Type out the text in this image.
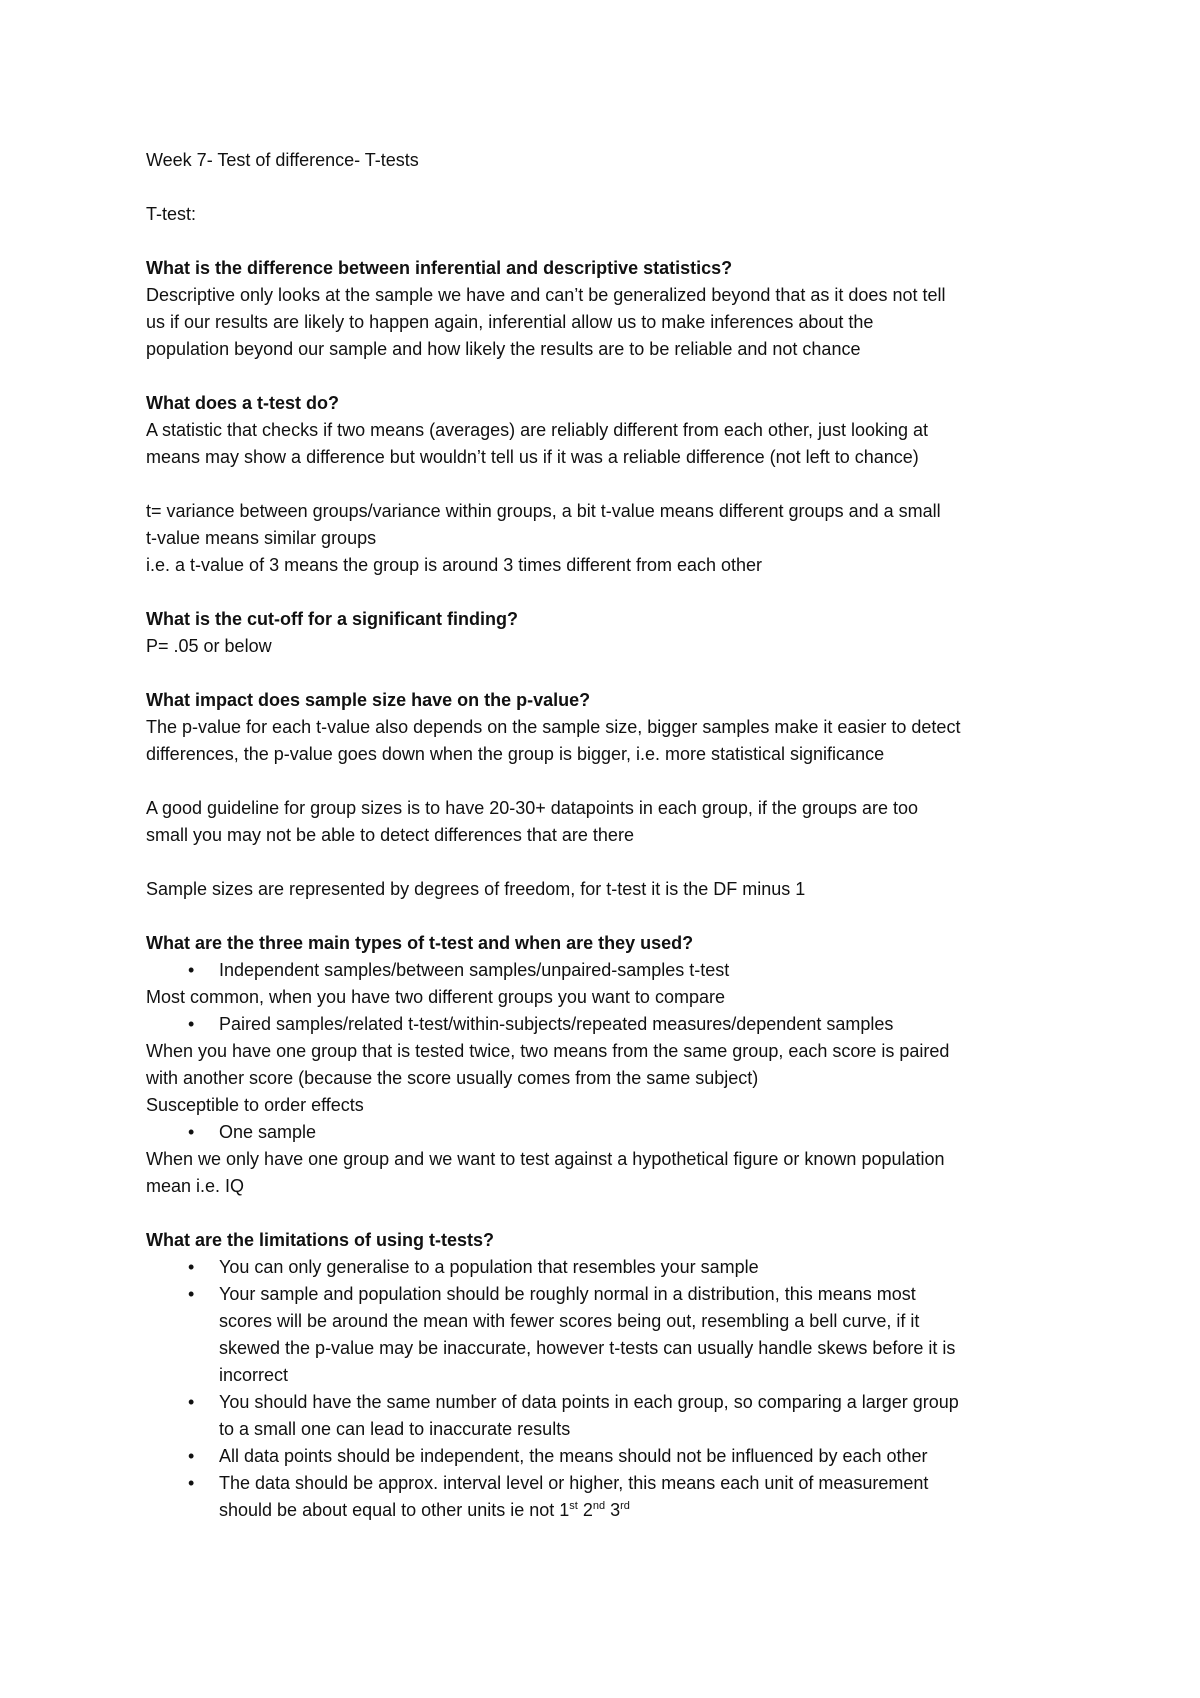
Week 7- Test of difference- T-tests

T-test:

What is the difference between inferential and descriptive statistics?

Descriptive only looks at the sample we have and can’t be generalized beyond that as it does not tell

us if our results are likely to happen again, inferential allow us to make inferences about the

population beyond our sample and how likely the results are to be reliable and not chance

What does a t-test do?

A statistic that checks if two means (averages) are reliably different from each other, just looking at

means may show a difference but wouldn’t tell us if it was a reliable difference (not left to chance)

t= variance between groups/variance within groups, a bit t-value means different groups and a small

t-value means similar groups

i.e. a t-value of 3 means the group is around 3 times different from each other

What is the cut-off for a significant finding?

P= .05 or below

What impact does sample size have on the p-value?

The p-value for each t-value also depends on the sample size, bigger samples make it easier to detect

differences, the p-value goes down when the group is bigger, i.e. more statistical significance

A good guideline for group sizes is to have 20-30+ datapoints in each group, if the groups are too

small you may not be able to detect differences that are there

Sample sizes are represented by degrees of freedom, for t-test it is the DF minus 1

What are the three main types of t-test and when are they used?

• Independent samples/between samples/unpaired-samples t-test

Most common, when you have two different groups you want to compare

• Paired samples/related t-test/within-subjects/repeated measures/dependent samples

When you have one group that is tested twice, two means from the same group, each score is paired

with another score (because the score usually comes from the same subject)

Susceptible to order effects

• One sample

When we only have one group and we want to test against a hypothetical figure or known population

mean i.e. IQ

What are the limitations of using t-tests?

• You can only generalise to a population that resembles your sample
• Your sample and population should be roughly normal in a distribution, this means most

scores will be around the mean with fewer scores being out, resembling a bell curve, if it

skewed the p-value may be inaccurate, however t-tests can usually handle skews before it is

incorrect

• You should have the same number of data points in each group, so comparing a larger group

to a small one can lead to inaccurate results

• All data points should be independent, the means should not be influenced by each other
• The data should be approx. interval level or higher, this means each unit of measurement

should be about equal to other units ie not 1st 2nd 3rd
